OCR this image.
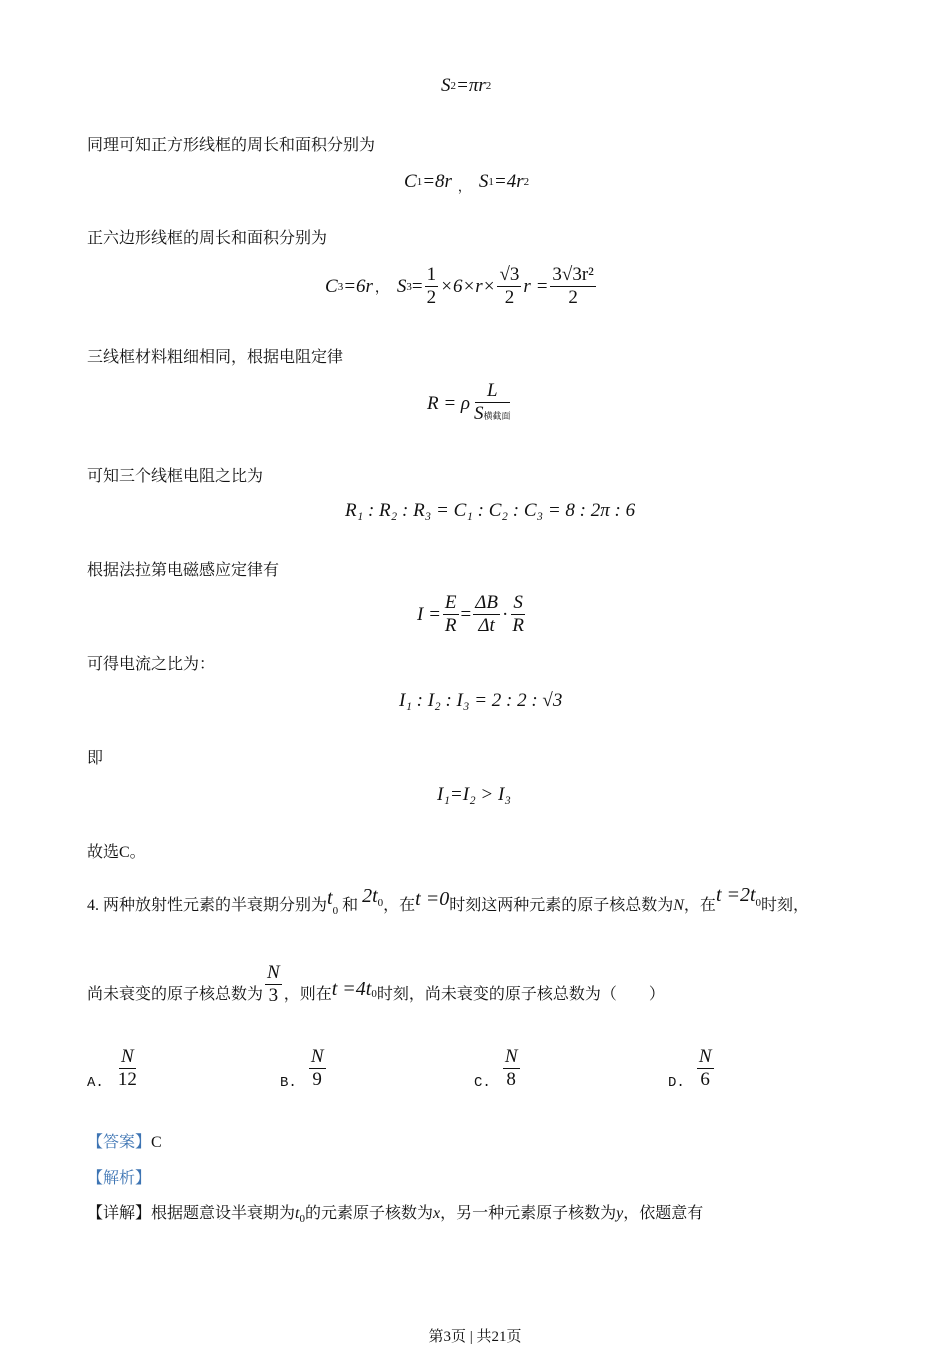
S 2 =πr 2
同理可知正方形线框的周长和面积分别为
C 1 =8r ， S 1 =4r 2
正六边形线框的周长和面积分别为
C 3 =6r ， S $3 = \frac{1}{2} \times 6\times r\times \frac{√3}{2}$ $r = \frac{\text{3√3r²}}{2}$
三线框材料粗细相同，根据电阻定律
R = ρ $\frac{L}{\text{S横截面}}$
可知三个线框电阻之比为
R₁ : R₂ : R₃ = C₁ : C₂ : C₃ = 8 : 2π : 6
根据法拉第电磁感应定律有
$I = \frac{E}{R} = \frac{\Delta B}{\Delta t} \cdot \frac{S}{R}$
可得电流之比为：
I₁ : I₂ : I₃ = 2 : 2 : √3
即
I₁=I₂ > I₃
故选C。
4. 两种放射性元素的半衰期分别为$t_0$ 和 $2t_0$，在t =0时刻这两种元素的原子核总数为N，在$t =2t_0$时刻，
尚未衰变的原子核总数为 $\frac{N}{3}$ ，则在 t =4t 0 时刻，尚未衰变的原子核总数为（　　）
A. $\frac{N}{12}$	B. $\frac{N}{9}$	C. $\frac{N}{8}$	D. $\frac{N}{6}$
【答案】C
【解析】
【详解】根据题意设半衰期为$t_0$的元素原子核数为x，另一种元素原子核数为y，依题意有
第3页 | 共21页
